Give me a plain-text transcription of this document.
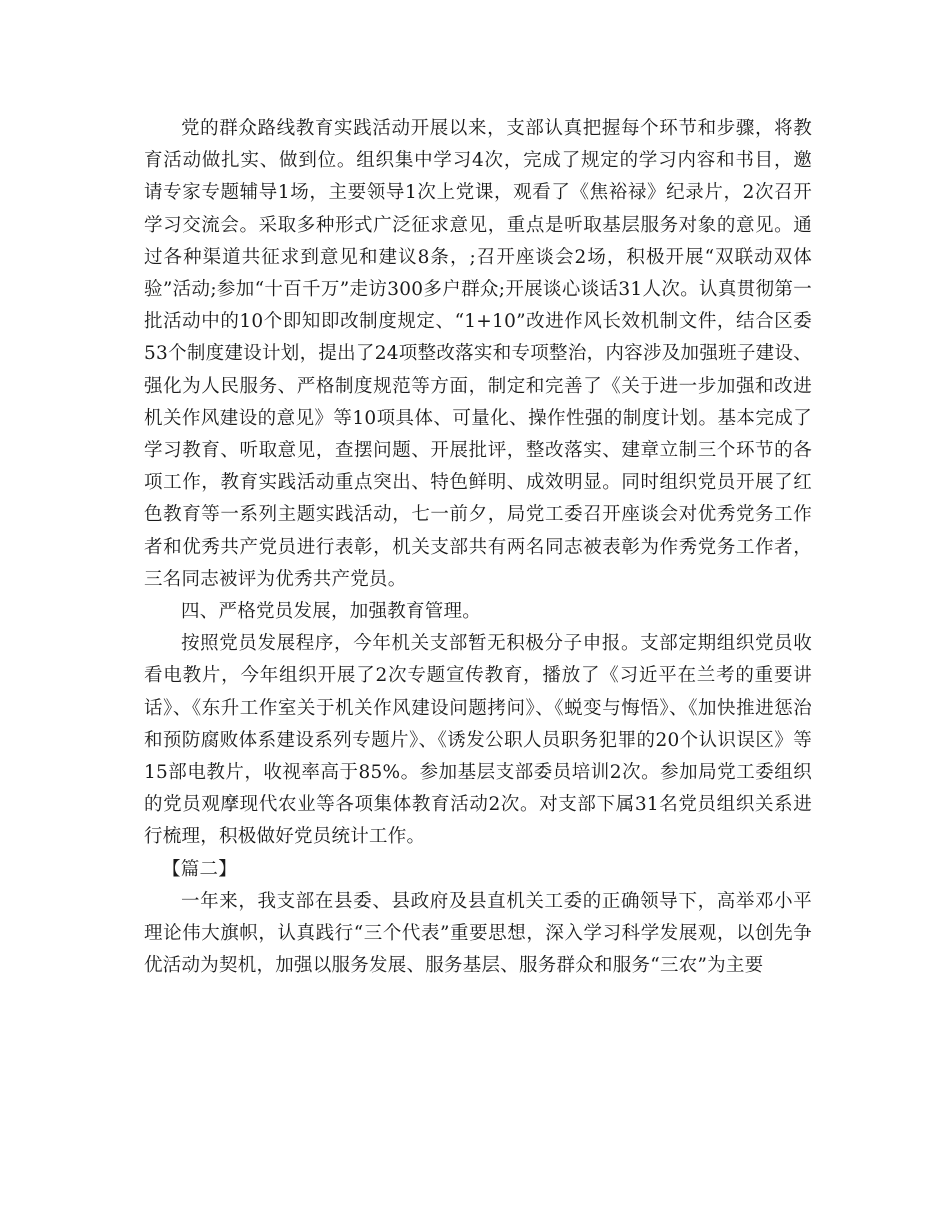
党的群众路线教育实践活动开展以来，支部认真把握每个环节和步骤，将教育活动做扎实、做到位。组织集中学习4次，完成了规定的学习内容和书目，邀请专家专题辅导1场，主要领导1次上党课，观看了《焦裕禄》纪录片，2次召开学习交流会。采取多种形式广泛征求意见，重点是听取基层服务对象的意见。通过各种渠道共征求到意见和建议8条，;召开座谈会2场，积极开展“双联动双体验”活动;参加“十百千万”走访300多户群众;开展谈心谈话31人次。认真贯彻第一批活动中的10个即知即改制度规定、“1+10”改进作风长效机制文件，结合区委53个制度建设计划，提出了24项整改落实和专项整治，内容涉及加强班子建设、强化为人民服务、严格制度规范等方面，制定和完善了《关于进一步加强和改进机关作风建设的意见》等10项具体、可量化、操作性强的制度计划。基本完成了学习教育、听取意见，查摆问题、开展批评，整改落实、建章立制三个环节的各项工作，教育实践活动重点突出、特色鲜明、成效明显。同时组织党员开展了红色教育等一系列主题实践活动，七一前夕，局党工委召开座谈会对优秀党务工作者和优秀共产党员进行表彰，机关支部共有两名同志被表彰为作秀党务工作者，三名同志被评为优秀共产党员。

四、严格党员发展，加强教育管理。

按照党员发展程序，今年机关支部暂无积极分子申报。支部定期组织党员收看电教片，今年组织开展了2次专题宣传教育，播放了《习近平在兰考的重要讲话》、《东升工作室关于机关作风建设问题拷问》、《蜕变与悔悟》、《加快推进惩治和预防腐败体系建设系列专题片》、《诱发公职人员职务犯罪的20个认识误区》等15部电教片，收视率高于85%。参加基层支部委员培训2次。参加局党工委组织的党员观摩现代农业等各项集体教育活动2次。对支部下属31名党员组织关系进行梳理，积极做好党员统计工作。

【篇二】

一年来，我支部在县委、县政府及县直机关工委的正确领导下，高举邓小平理论伟大旗帜，认真践行“三个代表”重要思想，深入学习科学发展观，以创先争优活动为契机，加强以服务发展、服务基层、服务群众和服务“三农”为主要
